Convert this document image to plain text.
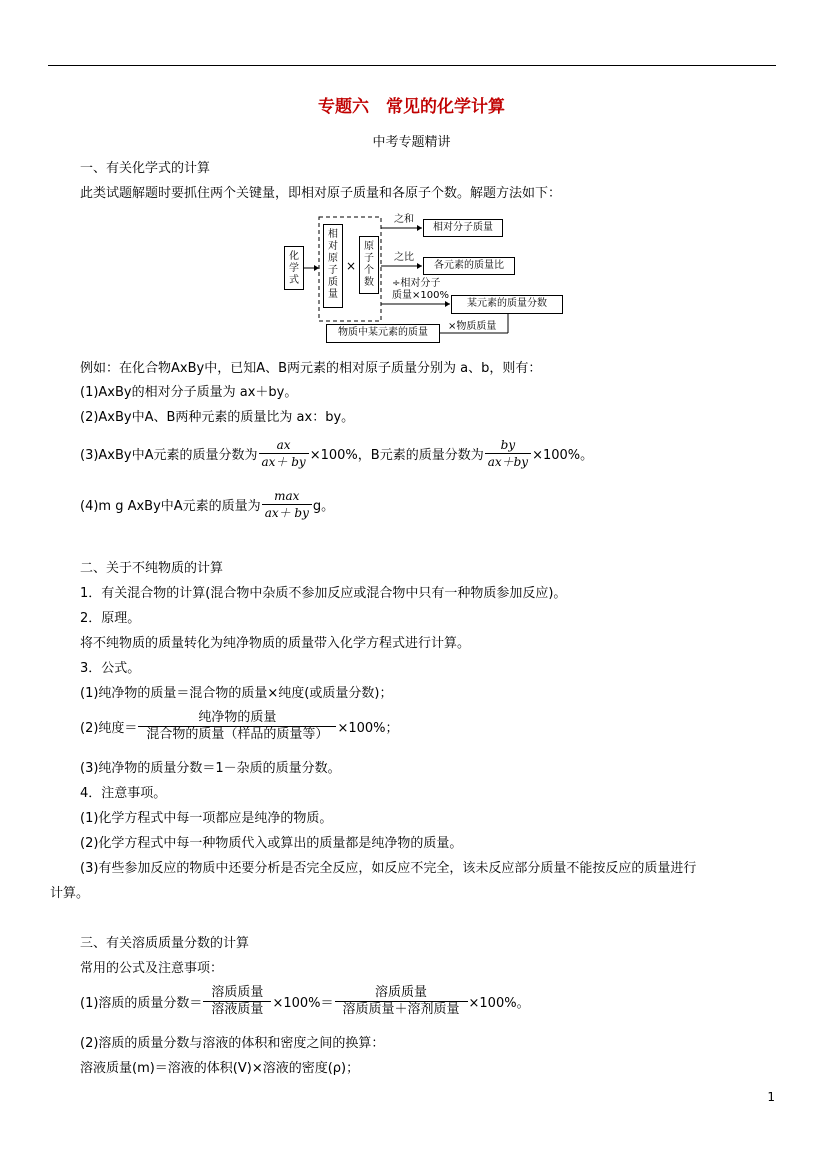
专题六　常见的化学计算
中考专题精讲
一、有关化学式的计算
此类试题解题时要抓住两个关键量，即相对原子质量和各原子个数。解题方法如下：
化学式
相对原子质量
×
原子个数
之和
之比
÷相对分子
质量×100%
×物质质量
相对分子质量
各元素的质量比
某元素的质量分数
物质中某元素的质量
例如：在化合物AxBy中，已知A、B两元素的相对原子质量分别为 a、b，则有：
(1)AxBy的相对分子质量为 ax＋by。
(2)AxBy中A、B两种元素的质量比为 ax：by。
(3)AxBy中A元素的质量分数为 $\frac{ax}{ax+ by} \times 100\%$，B元素的质量分数为 $\frac{by}{ax+by} \times 100\%$。
(4)m g AxBy中A元素的质量为 $\frac{\max}{ax+ by}$ g。
二、关于不纯物质的计算
1．有关混合物的计算(混合物中杂质不参加反应或混合物中只有一种物质参加反应)。
2．原理。
将不纯物质的质量转化为纯净物质的质量带入化学方程式进行计算。
3．公式。
(1)纯净物的质量＝混合物的质量×纯度(或质量分数)；
(2)纯度＝ $\frac{\text{纯净物的质量}}{\text{混合物的质量（样品的质量等）}} \times 100\%$；
(3)纯净物的质量分数＝1－杂质的质量分数。
4．注意事项。
(1)化学方程式中每一项都应是纯净的物质。
(2)化学方程式中每一种物质代入或算出的质量都是纯净物的质量。
(3)有些参加反应的物质中还要分析是否完全反应，如反应不完全，该未反应部分质量不能按反应的质量进行
计算。
三、有关溶质质量分数的计算
常用的公式及注意事项：
(1)溶质的质量分数＝ $\frac{\text{溶质质量}}{\text{溶液质量}} \times 100\%= \frac{\text{溶质质量}}{\text{溶质质量＋溶剂质量}} \times 100\%$。
(2)溶质的质量分数与溶液的体积和密度之间的换算：
溶液质量(m)＝溶液的体积(V)×溶液的密度(ρ)；
1
